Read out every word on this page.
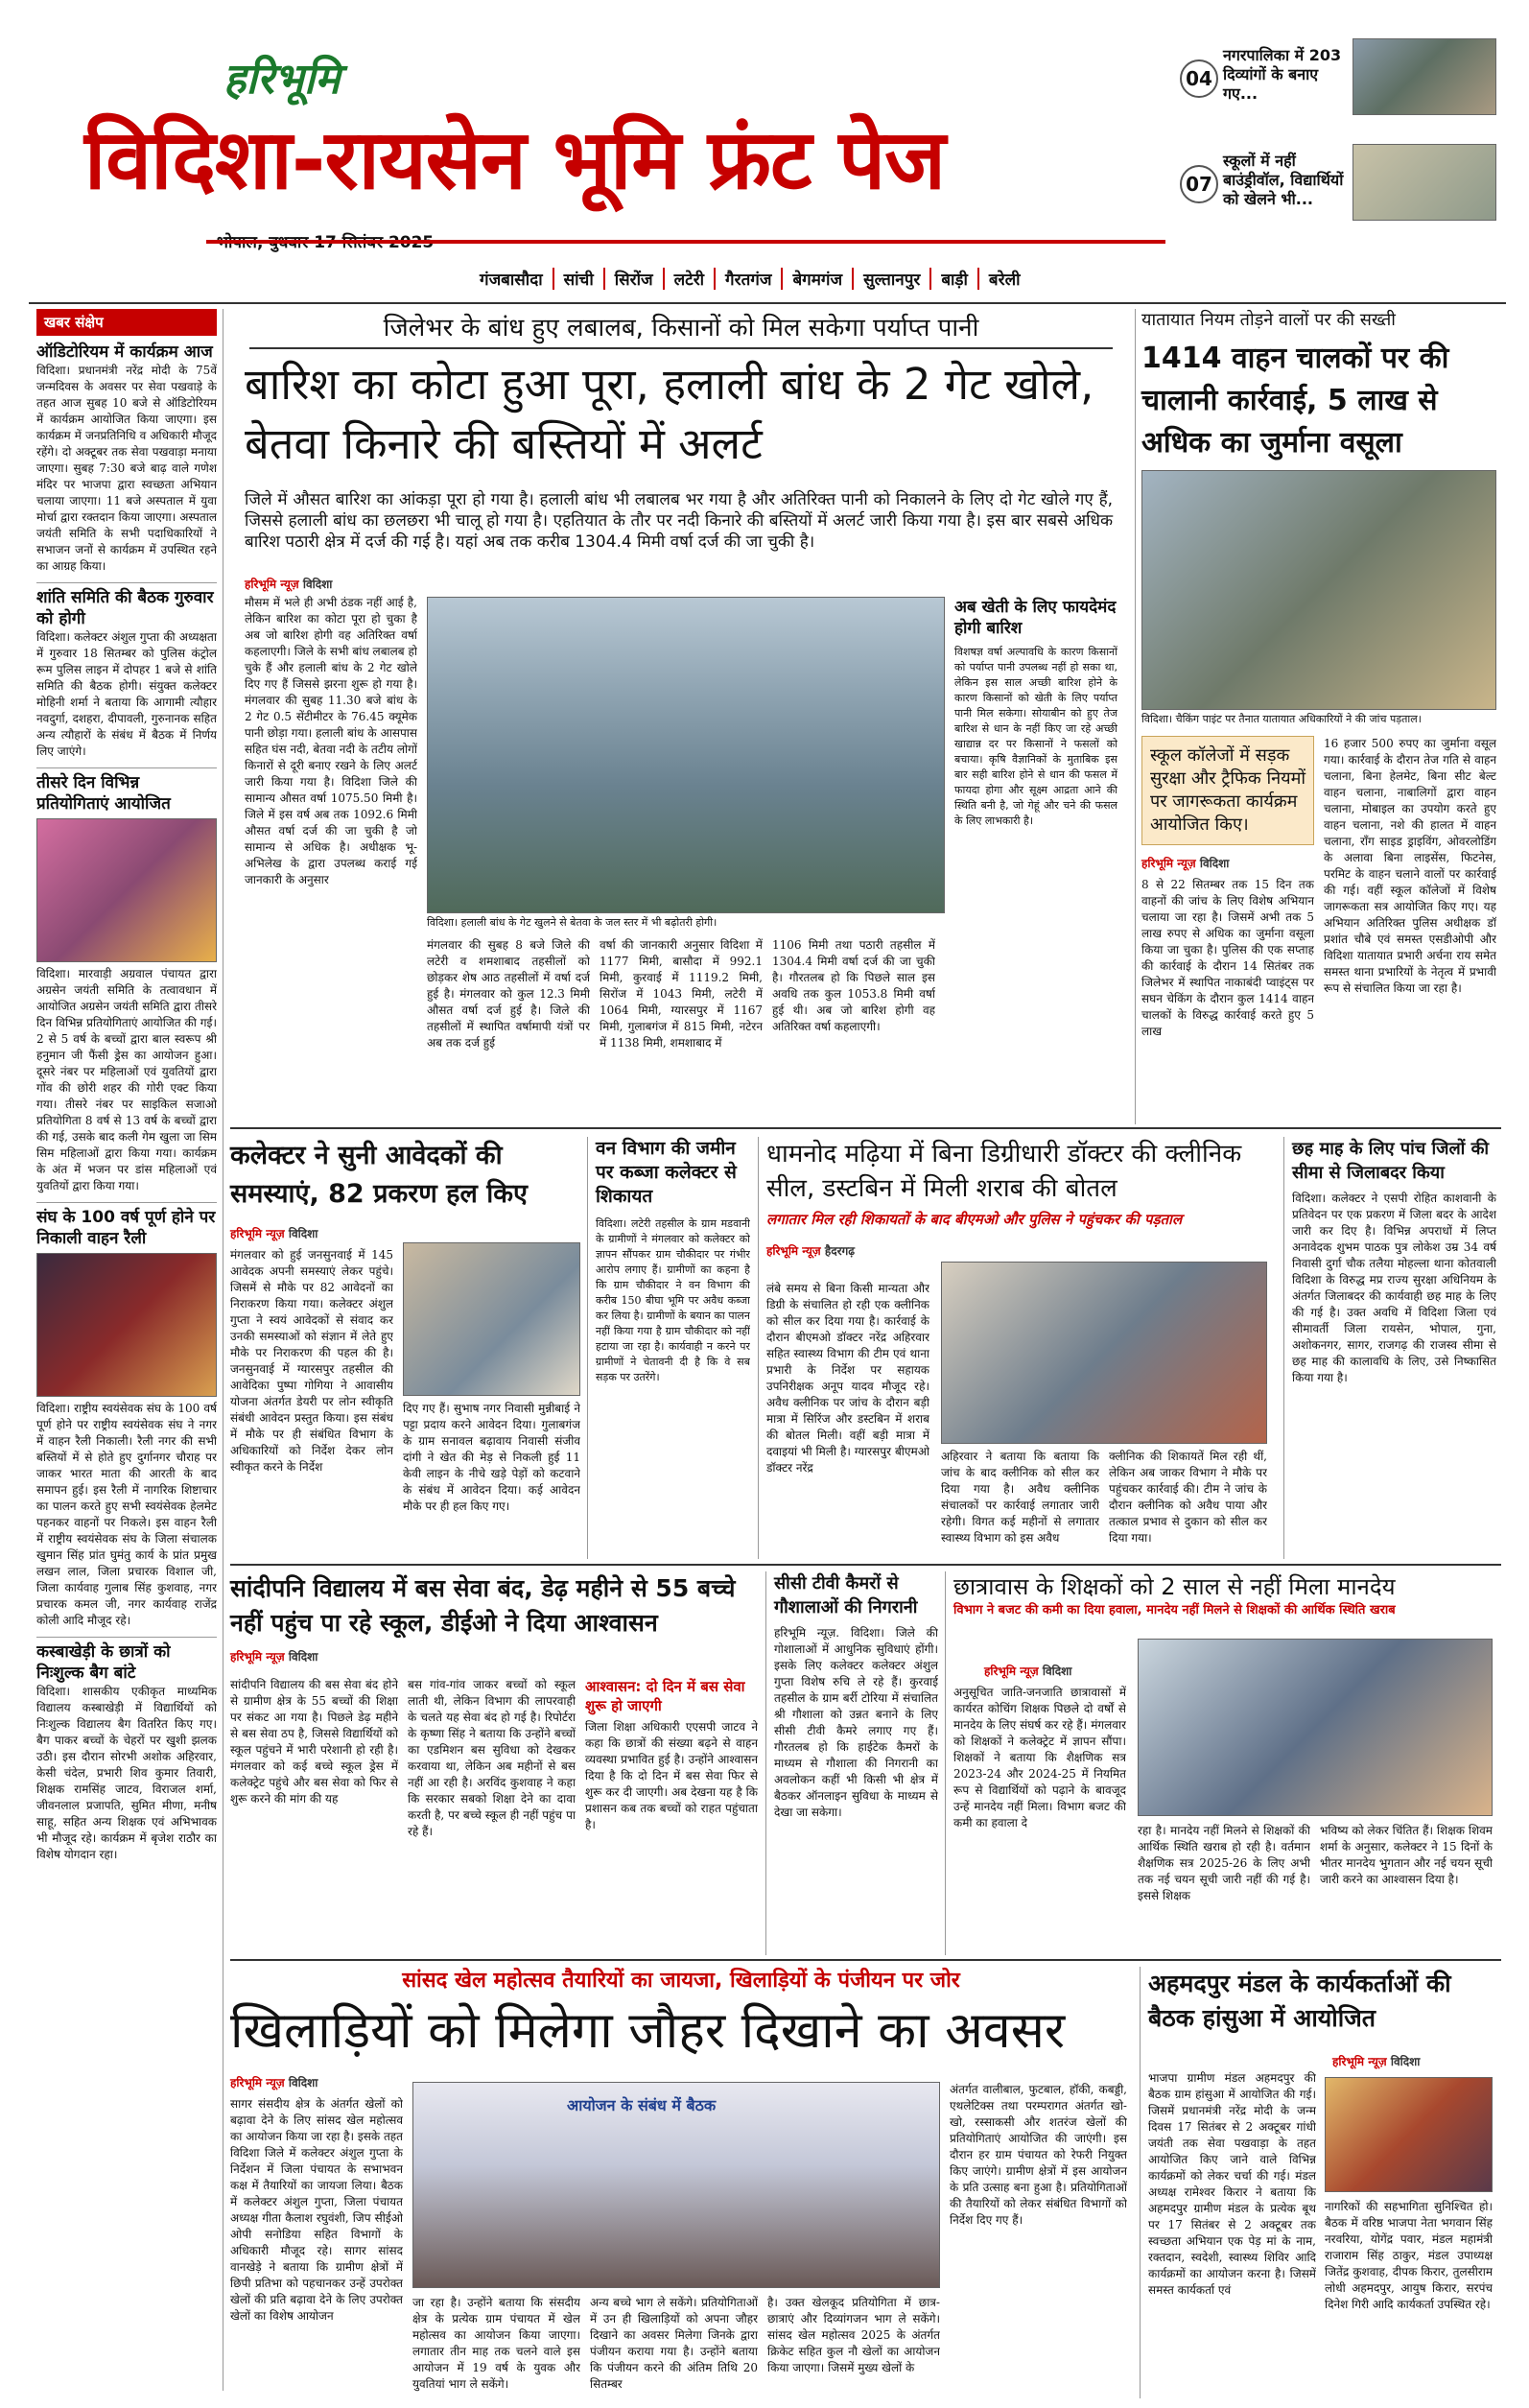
हरिभूमि
विदिशा-रायसेन भूमि फ्रंट पेज
04
नगरपालिका में 203 दिव्यांगों के बनाए गए...
07
स्कूलों में नहीं बाउंड्रीवॉल, विद्यार्थियों को खेलने भी...
गंजबासौदा	सांची	सिरोंज	लटेरी	गैरतगंज	बेगमगंज	सुल्तानपुर	बाड़ी	बरेली
खबर संक्षेप
ऑडिटोरियम में कार्यक्रम आज
विदिशा। प्रधानमंत्री नरेंद्र मोदी के 75वें जन्मदिवस के अवसर पर सेवा पखवाड़े के तहत आज सुबह 10 बजे से ऑडिटोरियम में कार्यक्रम आयोजित किया जाएगा। इस कार्यक्रम में जनप्रतिनिधि व अधिकारी मौजूद रहेंगे। दो अक्टूबर तक सेवा पखवाड़ा मनाया जाएगा। सुबह 7:30 बजे बाढ़ वाले गणेश मंदिर पर भाजपा द्वारा स्वच्छता अभियान चलाया जाएगा। 11 बजे अस्पताल में युवा मोर्चा द्वारा रक्तदान किया जाएगा। अस्पताल जयंती समिति के सभी पदाधिकारियों ने सभाजन जनों से कार्यक्रम में उपस्थित रहने का आग्रह किया।
शांति समिति की बैठक गुरुवार को होगी
विदिशा। कलेक्टर अंशुल गुप्ता की अध्यक्षता में गुरुवार 18 सितम्बर को पुलिस कंट्रोल रूम पुलिस लाइन में दोपहर 1 बजे से शांति समिति की बैठक होगी। संयुक्त कलेक्टर मोहिनी शर्मा ने बताया कि आगामी त्यौहार नवदुर्गा, दशहरा, दीपावली, गुरुनानक सहित अन्य त्यौहारों के संबंध में बैठक में निर्णय लिए जाएंगे।
तीसरे दिन विभिन्न प्रतियोगिताएं आयोजित
विदिशा। मारवाड़ी अग्रवाल पंचायत द्वारा अग्रसेन जयंती समिति के तत्वावधान में आयोजित अग्रसेन जयंती समिति द्वारा तीसरे दिन विभिन्न प्रतियोगिताएं आयोजित की गई। 2 से 5 वर्ष के बच्चों द्वारा बाल स्वरूप श्री हनुमान जी फैंसी ड्रेस का आयोजन हुआ। दूसरे नंबर पर महिलाओं एवं युवतियों द्वारा गोंव की छोरी शहर की गोरी एक्ट किया गया। तीसरे नंबर पर साइकिल सजाओ प्रतियोगिता 8 वर्ष से 13 वर्ष के बच्चों द्वारा की गई, उसके बाद कली गेम खुला जा सिम सिम महिलाओं द्वारा किया गया। कार्यक्रम के अंत में भजन पर डांस महिलाओं एवं युवतियों द्वारा किया गया।
संघ के 100 वर्ष पूर्ण होने पर निकाली वाहन रैली
विदिशा। राष्ट्रीय स्वयंसेवक संघ के 100 वर्ष पूर्ण होने पर राष्ट्रीय स्वयंसेवक संघ ने नगर में वाहन रैली निकाली। रैली नगर की सभी बस्तियों में से होते हुए दुर्गानगर चौराह पर जाकर भारत माता की आरती के बाद समापन हुई। इस रैली में नागरिक शिष्टाचार का पालन करते हुए सभी स्वयंसेवक हेलमेट पहनकर वाहनों पर निकले। इस वाहन रैली में राष्ट्रीय स्वयंसेवक संघ के जिला संचालक खुमान सिंह प्रांत घुमंतु कार्य के प्रांत प्रमुख लखन लाल, जिला प्रचारक विशाल जी, जिला कार्यवाह गुलाब सिंह कुशवाह, नगर प्रचारक कमल जी, नगर कार्यवाह राजेंद्र कोली आदि मौजूद रहे।
कस्बाखेड़ी के छात्रों को निःशुल्क बैग बांटे
विदिशा। शासकीय एकीकृत माध्यमिक विद्यालय कस्बाखेड़ी में विद्यार्थियों को निःशुल्क विद्यालय बैग वितरित किए गए। बैग पाकर बच्चों के चेहरों पर खुशी झलक उठी। इस दौरान सोरभी अशोक अहिरवार, केसी चंदेल, प्रभारी शिव कुमार तिवारी, शिक्षक रामसिंह जाटव, विराजल शर्मा, जीवनलाल प्रजापति, सुमित मीणा, मनीष साहू, सहित अन्य शिक्षक एवं अभिभावक भी मौजूद रहे। कार्यक्रम में बृजेश राठौर का विशेष योगदान रहा।
जिलेभर के बांध हुए लबालब, किसानों को मिल सकेगा पर्याप्त पानी
बारिश का कोटा हुआ पूरा, हलाली बांध के 2 गेट खोले, बेतवा किनारे की बस्तियों में अलर्ट
जिले में औसत बारिश का आंकड़ा पूरा हो गया है। हलाली बांध भी लबालब भर गया है और अतिरिक्त पानी को निकालने के लिए दो गेट खोले गए हैं, जिससे हलाली बांध का छलछरा भी चालू हो गया है। एहतियात के तौर पर नदी किनारे की बस्तियों में अलर्ट जारी किया गया है। इस बार सबसे अधिक बारिश पठारी क्षेत्र में दर्ज की गई है। यहां अब तक करीब 1304.4 मिमी वर्षा दर्ज की जा चुकी है।
हरिभूमि न्यूज़ विदिशा
मौसम में भले ही अभी ठंडक नहीं आई है, लेकिन बारिश का कोटा पूरा हो चुका है अब जो बारिश होगी वह अतिरिक्त वर्षा कहलाएगी। जिले के सभी बांध लबालब हो चुके हैं और हलाली बांध के 2 गेट खोले दिए गए हैं जिससे झरना शुरू हो गया है। मंगलवार की सुबह 11.30 बजे बांध के 2 गेट 0.5 सेंटीमीटर के 76.45 क्यूमेक पानी छोड़ा गया। हलाली बांध के आसपास सहित घंस नदी, बेतवा नदी के तटीय लोगों किनारों से दूरी बनाए रखने के लिए अलर्ट जारी किया गया है। विदिशा जिले की सामान्य औसत वर्षा 1075.50 मिमी है। जिले में इस वर्ष अब तक 1092.6 मिमी औसत वर्षा दर्ज की जा चुकी है जो सामान्य से अधिक है। अधीक्षक भू-अभिलेख के द्वारा उपलब्ध कराई गई जानकारी के अनुसार
विदिशा। हलाली बांध के गेट खुलने से बेतवा के जल स्तर में भी बढ़ोतरी होगी।
मंगलवार की सुबह 8 बजे जिले की लटेरी व शमशाबाद तहसीलों को छोड़कर शेष आठ तहसीलों में वर्षा दर्ज हुई है। मंगलवार को कुल 12.3 मिमी औसत वर्षा दर्ज हुई है। जिले की तहसीलों में स्थापित वर्षामापी यंत्रों पर अब तक दर्ज हुई
वर्षा की जानकारी अनुसार विदिशा में 1177 मिमी, बासौदा में 992.1 मिमी, कुरवाई में 1119.2 मिमी, सिरोंज में 1043 मिमी, लटेरी में 1064 मिमी, ग्यारसपुर में 1167 मिमी, गुलाबगंज में 815 मिमी, नटेरन में 1138 मिमी, शमशाबाद में
1106 मिमी तथा पठारी तहसील में 1304.4 मिमी वर्षा दर्ज की जा चुकी है। गौरतलब हो कि पिछले साल इस अवधि तक कुल 1053.8 मिमी वर्षा हुई थी। अब जो बारिश होगी वह अतिरिक्त वर्षा कहलाएगी।
अब खेती के लिए फायदेमंद होगी बारिश
विशषज्ञ वर्षा अल्पावधि के कारण किसानों को पर्याप्त पानी उपलब्ध नहीं हो सका था, लेकिन इस साल अच्छी बारिश होने के कारण किसानों को खेती के लिए पर्याप्त पानी मिल सकेगा। सोयाबीन को हुए तेज बारिश से धान के नहीं किए जा रहे अच्छी खाद्यान्न दर पर किसानों ने फसलों को बचाया। कृषि वैज्ञानिकों के मुताबिक इस बार सही बारिश होने से धान की फसल में फायदा होगा और सूक्ष्म आद्रता आने की स्थिति बनी है, जो गेहूं और चने की फसल के लिए लाभकारी है।
यातायात नियम तोड़ने वालों पर की सख्ती
1414 वाहन चालकों पर की चालानी कार्रवाई, 5 लाख से अधिक का जुर्माना वसूला
विदिशा। चैकिंग पाइंट पर तैनात यातायात अधिकारियों ने की जांच पड़ताल।
स्कूल कॉलेजों में सड़क सुरक्षा और ट्रैफिक नियमों पर जागरूकता कार्यक्रम आयोजित किए।
हरिभूमि न्यूज़ विदिशा
8 से 22 सितम्बर तक 15 दिन तक वाहनों की जांच के लिए विशेष अभियान चलाया जा रहा है। जिसमें अभी तक 5 लाख रुपए से अधिक का जुर्माना वसूला किया जा चुका है। पुलिस की एक सप्ताह की कार्रवाई के दौरान 14 सितंबर तक जिलेभर में स्थापित नाकाबंदी प्वाइंट्स पर सघन चेकिंग के दौरान कुल 1414 वाहन चालकों के विरुद्ध कार्रवाई करते हुए 5 लाख
16 हजार 500 रुपए का जुर्माना वसूल गया। कार्रवाई के दौरान तेज गति से वाहन चलाना, बिना हेलमेट, बिना सीट बेल्ट वाहन चलाना, नाबालिगों द्वारा वाहन चलाना, मोबाइल का उपयोग करते हुए वाहन चलाना, नशे की हालत में वाहन चलाना, रॉंग साइड ड्राइविंग, ओवरलोडिंग के अलावा बिना लाइसेंस, फिटनेस, परमिट के वाहन चलाने वालों पर कार्रवाई की गई। वहीं स्कूल कॉलेजों में विशेष जागरूकता सत्र आयोजित किए गए। यह अभियान अतिरिक्त पुलिस अधीक्षक डॉ प्रशांत चौबे एवं समस्त एसडीओपी और विदिशा यातायात प्रभारी अर्चना राय समेत समस्त थाना प्रभारियों के नेतृत्व में प्रभावी रूप से संचालित किया जा रहा है।
कलेक्टर ने सुनी आवेदकों की समस्याएं, 82 प्रकरण हल किए
हरिभूमि न्यूज़ विदिशा
मंगलवार को हुई जनसुनवाई में 145 आवेदक अपनी समस्याएं लेकर पहुंचे। जिसमें से मौके पर 82 आवेदनों का निराकरण किया गया। कलेक्टर अंशुल गुप्ता ने स्वयं आवेदकों से संवाद कर उनकी समस्याओं को संज्ञान में लेते हुए मौके पर निराकरण की पहल की है। जनसुनवाई में ग्यारसपुर तहसील की आवेदिका पुष्पा गोगिया ने आवासीय योजना अंतर्गत डेयरी पर लोन स्वीकृति संबंधी आवेदन प्रस्तुत किया। इस संबंध में मौके पर ही संबंधित विभाग के अधिकारियों को निर्देश देकर लोन स्वीकृत करने के निर्देश
दिए गए हैं। सुभाष नगर निवासी मुन्नीबाई ने पट्टा प्रदाय करने आवेदन दिया। गुलाबगंज के ग्राम सनावल बढ़ावाय निवासी संजीव दांगी ने खेत की मेड़ से निकली हुई 11 केवी लाइन के नीचे खड़े पेड़ों को कटवाने के संबंध में आवेदन दिया। कई आवेदन मौके पर ही हल किए गए।
वन विभाग की जमीन पर कब्जा कलेक्टर से शिकायत
विदिशा। लटेरी तहसील के ग्राम मडवानी के ग्रामीणों ने मंगलवार को कलेक्टर को ज्ञापन सौंपकर ग्राम चौकीदार पर गंभीर आरोप लगाए हैं। ग्रामीणों का कहना है कि ग्राम चौकीदार ने वन विभाग की करीब 150 बीघा भूमि पर अवैध कब्जा कर लिया है। ग्रामीणों के बयान का पालन नहीं किया गया है ग्राम चौकीदार को नहीं हटाया जा रहा है। कार्यवाही न करने पर ग्रामीणों ने चेतावनी दी है कि वे सब सड़क पर उतरेंगे।
धामनोद मढ़िया में बिना डिग्रीधारी डॉक्टर की क्लीनिक सील, डस्टबिन में मिली शराब की बोतल
लगातार मिल रही शिकायतों के बाद बीएमओ और पुलिस ने पहुंचकर की पड़ताल
हरिभूमि न्यूज़ हैदरगढ़
लंबे समय से बिना किसी मान्यता और डिग्री के संचालित हो रही एक क्लीनिक को सील कर दिया गया है। कार्रवाई के दौरान बीएमओ डॉक्टर नरेंद्र अहिरवार सहित स्वास्थ्य विभाग की टीम एवं थाना प्रभारी के निर्देश पर सहायक उपनिरीक्षक अनूप यादव मौजूद रहे। अवैध क्लीनिक पर जांच के दौरान बड़ी मात्रा में सिरिंज और डस्टबिन में शराब की बोतल मिली। वहीं बड़ी मात्रा में दवाइयां भी मिली है। ग्यारसपुर बीएमओ डॉक्टर नरेंद्र
अहिरवार ने बताया कि बताया कि जांच के बाद क्लीनिक को सील कर दिया गया है। अवैध क्लीनिक संचालकों पर कार्रवाई लगातार जारी रहेगी। विगत कई महीनों से लगातार स्वास्थ्य विभाग को इस अवैध
क्लीनिक की शिकायतें मिल रही थीं, लेकिन अब जाकर विभाग ने मौके पर पहुंचकर कार्रवाई की। टीम ने जांच के दौरान क्लीनिक को अवैध पाया और तत्काल प्रभाव से दुकान को सील कर दिया गया।
छह माह के लिए पांच जिलों की सीमा से जिलाबदर किया
विदिशा। कलेक्टर ने एसपी रोहित काशवानी के प्रतिवेदन पर एक प्रकरण में जिला बदर के आदेश जारी कर दिए है। विभिन्न अपराधों में लिप्त अनावेदक शुभम पाठक पुत्र लोकेश उम्र 34 वर्ष निवासी दुर्गा चौक तलैया मोहल्ला थाना कोतवाली विदिशा के विरुद्ध मप्र राज्य सुरक्षा अधिनियम के अंतर्गत जिलाबदर की कार्यवाही छह माह के लिए की गई है। उक्त अवधि में विदिशा जिला एवं सीमावर्ती जिला रायसेन, भोपाल, गुना, अशोकनगर, सागर, राजगढ़ की राजस्व सीमा से छह माह की कालावधि के लिए, उसे निष्कासित किया गया है।
सांदीपनि विद्यालय में बस सेवा बंद, डेढ़ महीने से 55 बच्चे नहीं पहुंच पा रहे स्कूल, डीईओ ने दिया आश्वासन
हरिभूमि न्यूज़ विदिशा
सांदीपनि विद्यालय की बस सेवा बंद होने से ग्रामीण क्षेत्र के 55 बच्चों की शिक्षा पर संकट आ गया है। पिछले डेढ़ महीने से बस सेवा ठप है, जिससे विद्यार्थियों को स्कूल पहुंचने में भारी परेशानी हो रही है। मंगलवार को कई बच्चे स्कूल ड्रेस में कलेक्ट्रेट पहुंचे और बस सेवा को फिर से शुरू करने की मांग की यह
बस गांव-गांव जाकर बच्चों को स्कूल लाती थी, लेकिन विभाग की लापरवाही के चलते यह सेवा बंद हो गई है। रिपोर्टरा के कृष्णा सिंह ने बताया कि उन्होंने बच्चों का एडमिशन बस सुविधा को देखकर करवाया था, लेकिन अब महीनों से बस नहीं आ रही है। अरविंद कुशवाह ने कहा कि सरकार सबको शिक्षा देने का दावा करती है, पर बच्चे स्कूल ही नहीं पहुंच पा रहे हैं।
आश्वासन: दो दिन में बस सेवा शुरू हो जाएगी
जिला शिक्षा अधिकारी एएसपी जाटव ने कहा कि छात्रों की संख्या बढ़ने से वाहन व्यवस्था प्रभावित हुई है। उन्होंने आश्वासन दिया है कि दो दिन में बस सेवा फिर से शुरू कर दी जाएगी। अब देखना यह है कि प्रशासन कब तक बच्चों को राहत पहुंचाता है।
सीसी टीवी कैमरों से गौशालाओं की निगरानी
हरिभूमि न्यूज़. विदिशा। जिले की गोशालाओं में आधुनिक सुविधाएं होंगी। इसके लिए कलेक्टर कलेक्टर अंशुल गुप्ता विशेष रुचि ले रहे हैं। कुरवाई तहसील के ग्राम बर्री टोरिया में संचालित श्री गौशाला को उन्नत बनाने के लिए सीसी टीवी कैमरे लगाए गए हैं। गौरतलब हो कि हाईटेक कैमरों के माध्यम से गौशाला की निगरानी का अवलोकन कहीं भी किसी भी क्षेत्र में बैठकर ऑनलाइन सुविधा के माध्यम से देखा जा सकेगा।
छात्रावास के शिक्षकों को 2 साल से नहीं मिला मानदेय
विभाग ने बजट की कमी का दिया हवाला, मानदेय नहीं मिलने से शिक्षकों की आर्थिक स्थिति खराब
हरिभूमि न्यूज़ विदिशा
अनुसूचित जाति-जनजाति छात्रावासों में कार्यरत कोचिंग शिक्षक पिछले दो वर्षों से मानदेय के लिए संघर्ष कर रहे हैं। मंगलवार को शिक्षकों ने कलेक्ट्रेट में ज्ञापन सौंपा। शिक्षकों ने बताया कि शैक्षणिक सत्र 2023-24 और 2024-25 में नियमित रूप से विद्यार्थियों को पढ़ाने के बावजूद उन्हें मानदेय नहीं मिला। विभाग बजट की कमी का हवाला दे
रहा है। मानदेय नहीं मिलने से शिक्षकों की आर्थिक स्थिति खराब हो रही है। वर्तमान शैक्षणिक सत्र 2025-26 के लिए अभी तक नई चयन सूची जारी नहीं की गई है। इससे शिक्षक
भविष्य को लेकर चिंतित हैं। शिक्षक शिवम शर्मा के अनुसार, कलेक्टर ने 15 दिनों के भीतर मानदेय भुगतान और नई चयन सूची जारी करने का आश्वासन दिया है।
सांसद खेल महोत्सव तैयारियों का जायजा, खिलाड़ियों के पंजीयन पर जोर
खिलाड़ियों को मिलेगा जौहर दिखाने का अवसर
हरिभूमि न्यूज़ विदिशा
सागर संसदीय क्षेत्र के अंतर्गत खेलों को बढ़ावा देने के लिए सांसद खेल महोत्सव का आयोजन किया जा रहा है। इसके तहत विदिशा जिले में कलेक्टर अंशुल गुप्ता के निर्देशन में जिला पंचायत के सभाभवन कक्ष में तैयारियों का जायजा लिया। बैठक में कलेक्टर अंशुल गुप्ता, जिला पंचायत अध्यक्ष गीता कैलाश रघुवंशी, जिप सीईओ ओपी सनोडिया सहित विभागों के अधिकारी मौजूद रहे। सागर सांसद वानखेड़े ने बताया कि ग्रामीण क्षेत्रों में छिपी प्रतिभा को पहचानकर उन्हें उपरोक्त खेलों की प्रति बढ़ावा देने के लिए उपरोक्त खेलों का विशेष आयोजन
आयोजन के संबंध में बैठक
जा रहा है। उन्होंने बताया कि संसदीय क्षेत्र के प्रत्येक ग्राम पंचायत में खेल महोत्सव का आयोजन किया जाएगा। लगातार तीन माह तक चलने वाले इस आयोजन में 19 वर्ष के युवक और युवतियां भाग ले सकेंगे।
अन्य बच्चे भाग ले सकेंगे। प्रतियोगिताओं में उन ही खिलाड़ियों को अपना जौहर दिखाने का अवसर मिलेगा जिनके द्वारा पंजीयन कराया गया है। उन्होंने बताया कि पंजीयन करने की अंतिम तिथि 20 सितम्बर
है। उक्त खेलकूद प्रतियोगिता में छात्र-छात्राएं और दिव्यांगजन भाग ले सकेंगे। सांसद खेल महोत्सव 2025 के अंतर्गत क्रिकेट सहित कुल नौ खेलों का आयोजन किया जाएगा। जिसमें मुख्य खेलों के
अंतर्गत वालीबाल, फुटबाल, हॉकी, कबड्डी, एथलेटिक्स तथा परम्परागत अंतर्गत खो-खो, रस्साकसी और शतरंज खेलों की प्रतियोगिताएं आयोजित की जाएंगी। इस दौरान हर ग्राम पंचायत को रेफरी नियुक्त किए जाएंगे। ग्रामीण क्षेत्रों में इस आयोजन के प्रति उत्साह बना हुआ है। प्रतियोगिताओं की तैयारियों को लेकर संबंधित विभागों को निर्देश दिए गए हैं।
अहमदपुर मंडल के कार्यकर्ताओं की बैठक हांसुआ में आयोजित
हरिभूमि न्यूज़ विदिशा
भाजपा ग्रामीण मंडल अहमदपुर की बैठक ग्राम हांसुआ में आयोजित की गई। जिसमें प्रधानमंत्री नरेंद्र मोदी के जन्म दिवस 17 सितंबर से 2 अक्टूबर गांधी जयंती तक सेवा पखवाड़ा के तहत आयोजित किए जाने वाले विभिन्न कार्यक्रमों को लेकर चर्चा की गई। मंडल अध्यक्ष रामेश्वर किरार ने बताया कि अहमदपुर ग्रामीण मंडल के प्रत्येक बूथ पर 17 सितंबर से 2 अक्टूबर तक स्वच्छता अभियान एक पेड़ मां के नाम, रक्तदान, स्वदेशी, स्वास्थ्य शिविर आदि कार्यक्रमों का आयोजन करना है। जिसमें समस्त कार्यकर्ता एवं
नागरिकों की सहभागिता सुनिश्चित हो। बैठक में वरिष्ठ भाजपा नेता भगवान सिंह नरवरिया, योगेंद्र पवार, मंडल महामंत्री राजाराम सिंह ठाकुर, मंडल उपाध्यक्ष जितेंद्र कुशवाह, दीपक किरार, तुलसीराम लोधी अहमदपुर, आयुष किरार, सरपंच दिनेश गिरी आदि कार्यकर्ता उपस्थित रहे।
